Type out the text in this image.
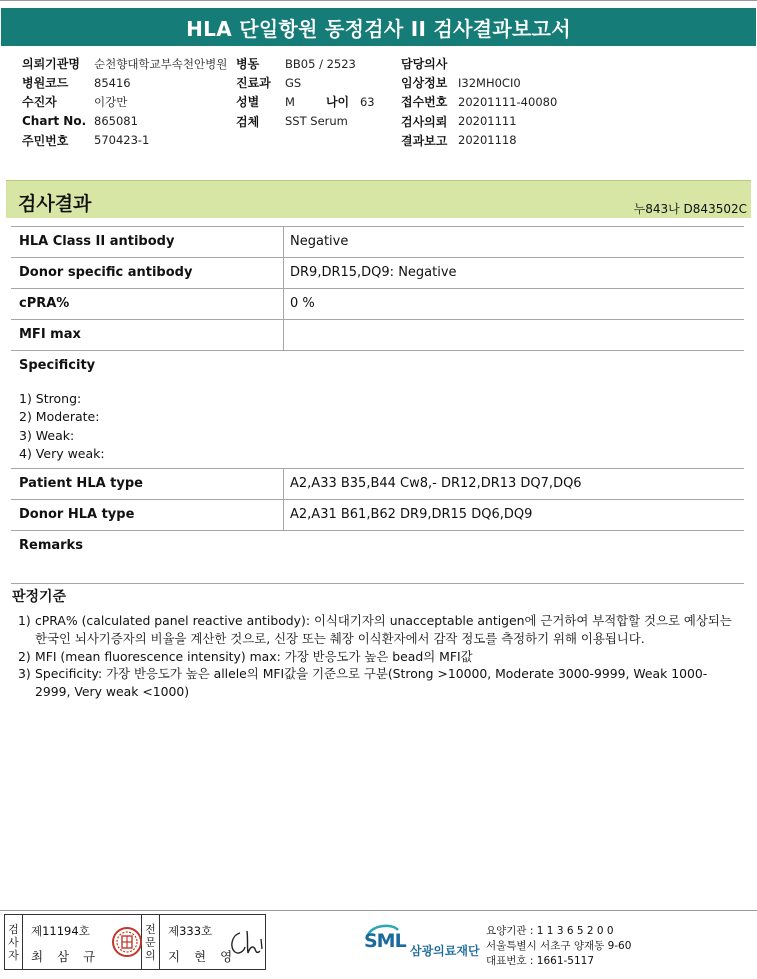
HLA 단일항원 동정검사 II 검사결과보고서
의뢰기관명	순천향대학교부속천안병원
병원코드	85416
수진자	이강만
Chart No. 865081
주민번호	570423-1
병동	BB05 / 2523
진료과	GS
성별	M	나이 63
검체	SST Serum
담당의사
임상정보 I32MH0CI0
접수번호 20201111-40080
검사의뢰 20201111
결과보고 20201118
검사결과	누843나 D843502C
HLA Class II antibody	Negative
Donor specific antibody	DR9,DR15,DQ9: Negative
cPRA%	0 %
MFI max
Specificity
1) Strong:
2) Moderate:
3) Weak:
4) Very weak:
Patient HLA type	A2,A33 B35,B44 Cw8,- DR12,DR13 DQ7,DQ6
Donor HLA type	A2,A31 B61,B62 DR9,DR15 DQ6,DQ9
Remarks
판정기준
1) cPRA% (calculated panel reactive antibody): 이식대기자의 unacceptable antigen에 근거하여 부적합할 것으로 예상되는 한국인 뇌사기증자의 비율을 계산한 것으로, 신장 또는 췌장 이식환자에서 감작 정도를 측정하기 위해 이용됩니다.
2) MFI (mean fluorescence intensity) max: 가장 반응도가 높은 bead의 MFI값
3) Specificity: 가장 반응도가 높은 allele의 MFI값을 기준으로 구분(Strong >10000, Moderate 3000-9999, Weak 1000-2999, Very weak <1000)
검
사
자
제11194호
최 삼 규
전
문
의
제333호
지 현 영
SML 삼광의료재단
요양기관 : 1 1 3 6 5 2 0 0
서울특별시 서초구 양재동 9-60
대표번호 : 1661-5117
